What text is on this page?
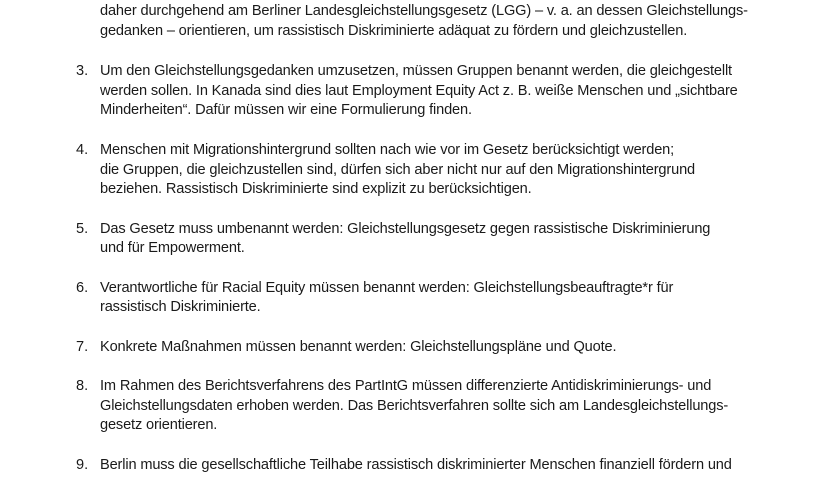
daher durchgehend am Berliner Landesgleichstellungsgesetz (LGG) – v. a. an dessen Gleichstellungs-
gedanken – orientieren, um rassistisch Diskriminierte adäquat zu fördern und gleichzustellen.
3. Um den Gleichstellungsgedanken umzusetzen, müssen Gruppen benannt werden, die gleichgestellt
werden sollen. In Kanada sind dies laut Employment Equity Act z. B. weiße Menschen und „sichtbare
Minderheiten“. Dafür müssen wir eine Formulierung finden.
4. Menschen mit Migrationshintergrund sollten nach wie vor im Gesetz berücksichtigt werden;
die Gruppen, die gleichzustellen sind, dürfen sich aber nicht nur auf den Migrationshintergrund
beziehen. Rassistisch Diskriminierte sind explizit zu berücksichtigen.
5. Das Gesetz muss umbenannt werden: Gleichstellungsgesetz gegen rassistische Diskriminierung
und für Empowerment.
6. Verantwortliche für Racial Equity müssen benannt werden: Gleichstellungsbeauftragte*r für
rassistisch Diskriminierte.
7. Konkrete Maßnahmen müssen benannt werden: Gleichstellungspläne und Quote.
8. Im Rahmen des Berichtsverfahrens des PartIntG müssen differenzierte Antidiskriminierungs- und
Gleichstellungsdaten erhoben werden. Das Berichtsverfahren sollte sich am Landesgleichstellungs-
gesetz orientieren.
9. Berlin muss die gesellschaftliche Teilhabe rassistisch diskriminierter Menschen finanziell fördern und
